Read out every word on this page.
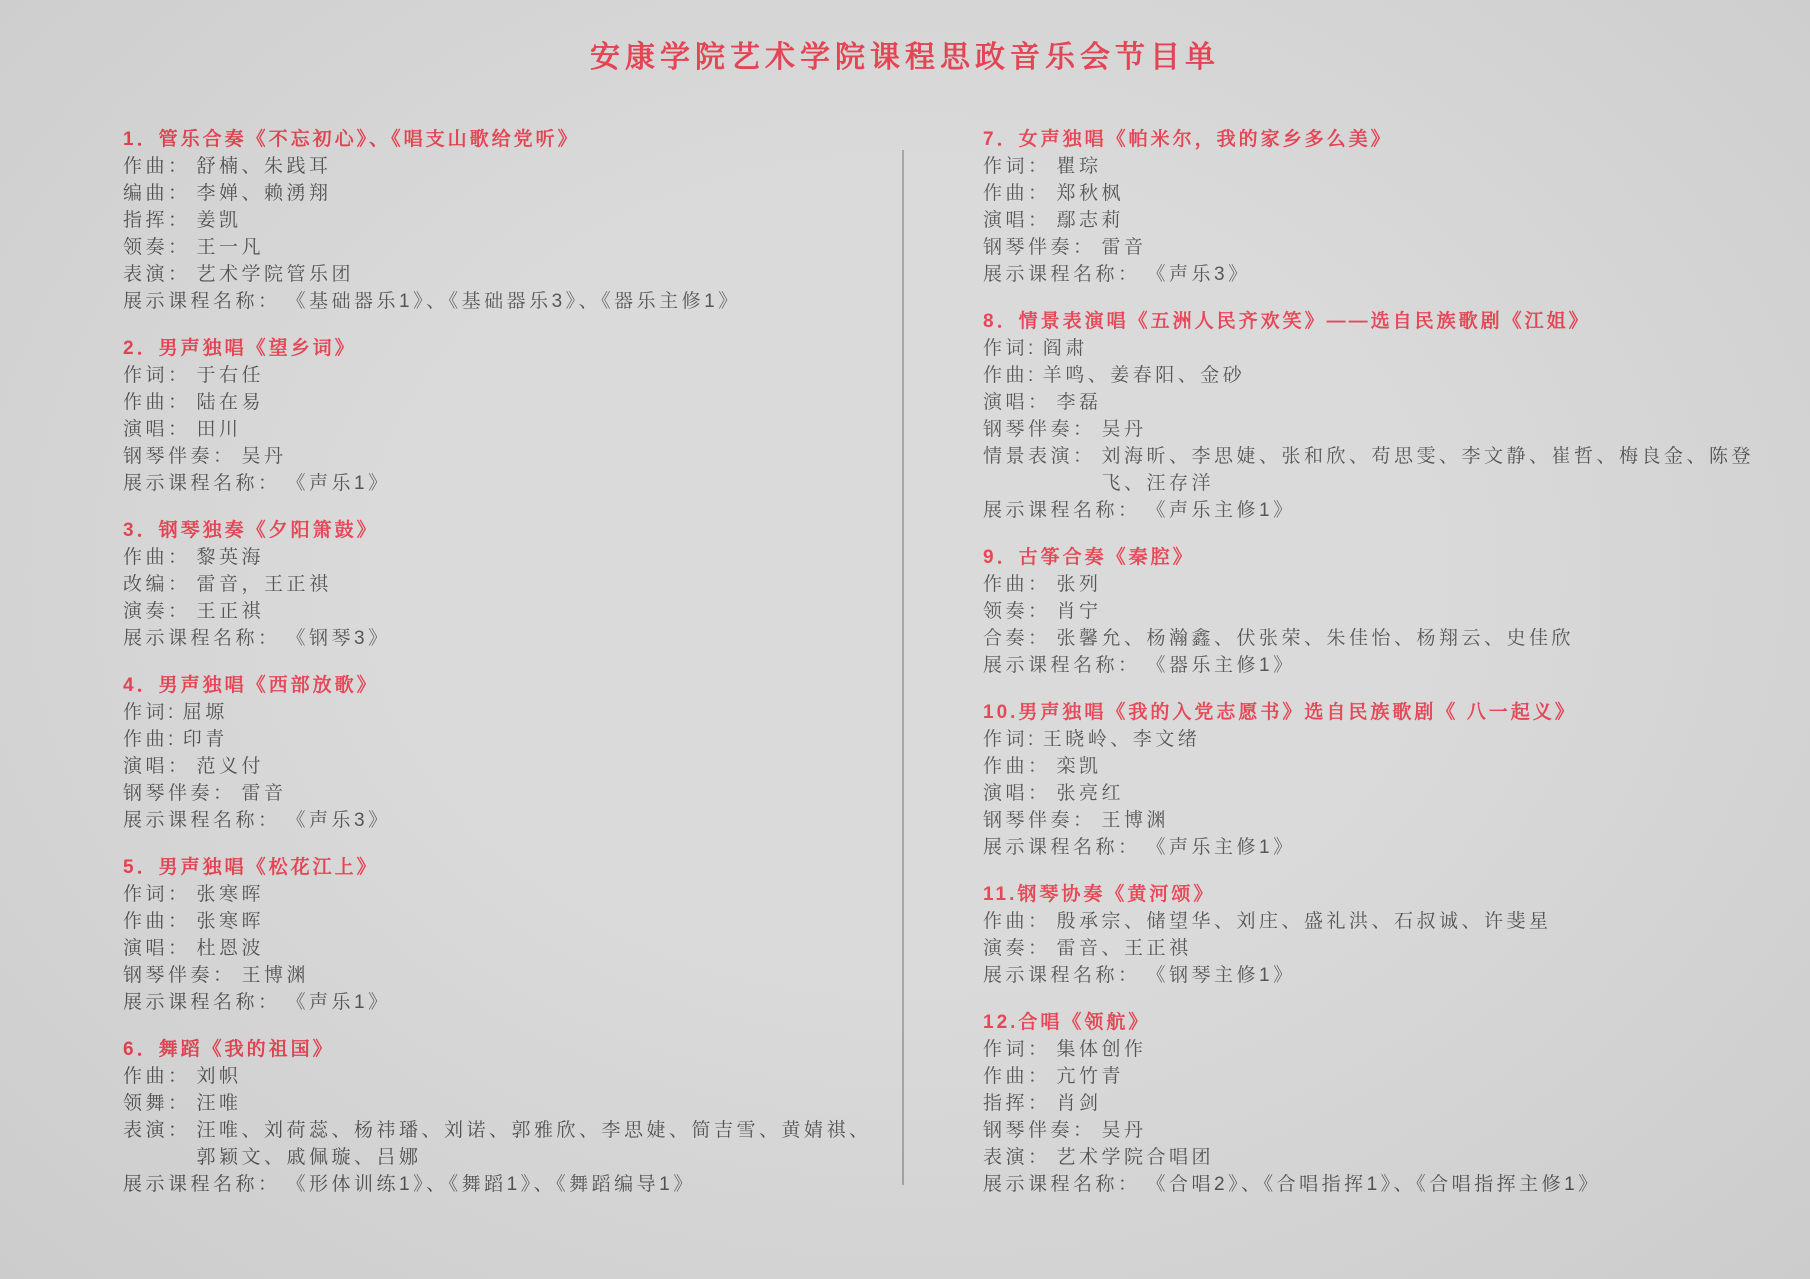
安康学院艺术学院课程思政音乐会节目单
1．管乐合奏《不忘初心》、《唱支山歌给党听》
作曲： 舒楠、朱践耳
编曲： 李婵、赖湧翔
指挥： 姜凯
领奏： 王一凡
表演： 艺术学院管乐团
展示课程名称： 《基础器乐1》、《基础器乐3》、《器乐主修1》
2．男声独唱《望乡词》
作词： 于右任
作曲： 陆在易
演唱： 田川
钢琴伴奏： 吴丹
展示课程名称： 《声乐1》
3．钢琴独奏《夕阳箫鼓》
作曲： 黎英海
改编： 雷音，王正祺
演奏： 王正祺
展示课程名称： 《钢琴3》
4．男声独唱《西部放歌》
作词: 屈塬
作曲: 印青
演唱： 范义付
钢琴伴奏： 雷音
展示课程名称： 《声乐3》
5．男声独唱《松花江上》
作词： 张寒晖
作曲： 张寒晖
演唱： 杜恩波
钢琴伴奏： 王博渊
展示课程名称： 《声乐1》
6．舞蹈《我的祖国》
作曲： 刘帜
领舞： 汪唯
表演： 汪唯、刘荷蕊、杨祎璠、刘诺、郭雅欣、李思婕、简吉雪、黄婧祺、郭颖文、戚佩璇、吕娜
展示课程名称： 《形体训练1》、《舞蹈1》、《舞蹈编导1》
7．女声独唱《帕米尔，我的家乡多么美》
作词： 瞿琮
作曲： 郑秋枫
演唱： 鄢志莉
钢琴伴奏： 雷音
展示课程名称： 《声乐3》
8．情景表演唱《五洲人民齐欢笑》——选自民族歌剧《江姐》
作词: 阎肃
作曲: 羊鸣、姜春阳、金砂
演唱： 李磊
钢琴伴奏： 吴丹
情景表演： 刘海昕、李思婕、张和欣、苟思雯、李文静、崔哲、梅良金、陈登飞、汪存洋
展示课程名称： 《声乐主修1》
9．古筝合奏《秦腔》
作曲： 张列
领奏： 肖宁
合奏： 张馨允、杨瀚鑫、伏张荣、朱佳怡、杨翔云、史佳欣
展示课程名称： 《器乐主修1》
10.男声独唱《我的入党志愿书》选自民族歌剧《 八一起义》
作词: 王晓岭、李文绪
作曲： 栾凯
演唱： 张亮红
钢琴伴奏： 王博渊
展示课程名称： 《声乐主修1》
11.钢琴协奏《黄河颂》
作曲： 殷承宗、储望华、刘庄、盛礼洪、石叔诚、许斐星
演奏： 雷音、王正祺
展示课程名称： 《钢琴主修1》
12.合唱《领航》
作词： 集体创作
作曲： 亢竹青
指挥： 肖剑
钢琴伴奏： 吴丹
表演： 艺术学院合唱团
展示课程名称： 《合唱2》、《合唱指挥1》、《合唱指挥主修1》
